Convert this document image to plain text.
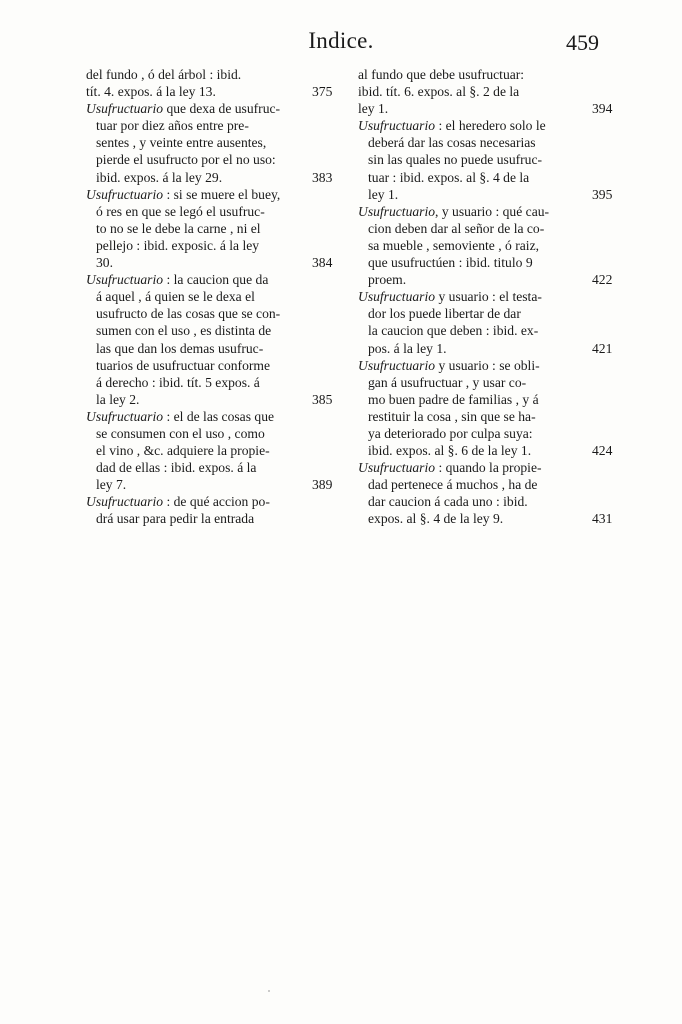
Indice.	459
del fundo , ó del árbol : ibid.
tít. 4. expos. á la ley 13.	375
Usufructuario que dexa de usufruc-
tuar por diez años entre pre-
sentes , y veinte entre ausentes,
pierde el usufructo por el no uso:
ibid. expos. á la ley 29.	383
Usufructuario : si se muere el buey,
ó res en que se legó el usufruc-
to no se le debe la carne , ni el
pellejo : ibid. exposic. á la ley
30.	384
Usufructuario : la caucion que da
á aquel , á quien se le dexa el
usufructo de las cosas que se con-
sumen con el uso , es distinta de
las que dan los demas usufruc-
tuarios de usufructuar conforme
á derecho : ibid. tít. 5 expos. á
la ley 2.	385
Usufructuario : el de las cosas que
se consumen con el uso , como
el vino , &c. adquiere la propie-
dad de ellas : ibid. expos. á la
ley 7.	389
Usufructuario : de qué accion po-
drá usar para pedir la entrada
al fundo que debe usufructuar:
ibid. tít. 6. expos. al §. 2 de la
ley 1.	394
Usufructuario : el heredero solo le
deberá dar las cosas necesarias
sin las quales no puede usufruc-
tuar : ibid. expos. al §. 4 de la
ley 1.	395
Usufructuario, y usuario : qué cau-
cion deben dar al señor de la co-
sa mueble , semoviente , ó raiz,
que usufructúen : ibid. titulo 9
proem.	422
Usufructuario y usuario : el testa-
dor los puede libertar de dar
la caucion que deben : ibid. ex-
pos. á la ley 1.	421
Usufructuario y usuario : se obli-
gan á usufructuar , y usar co-
mo buen padre de familias , y á
restituir la cosa , sin que se ha-
ya deteriorado por culpa suya:
ibid. expos. al §. 6 de la ley 1.	424
Usufructuario : quando la propie-
dad pertenece á muchos , ha de
dar caucion á cada uno : ibid.
expos. al §. 4 de la ley 9.	431
